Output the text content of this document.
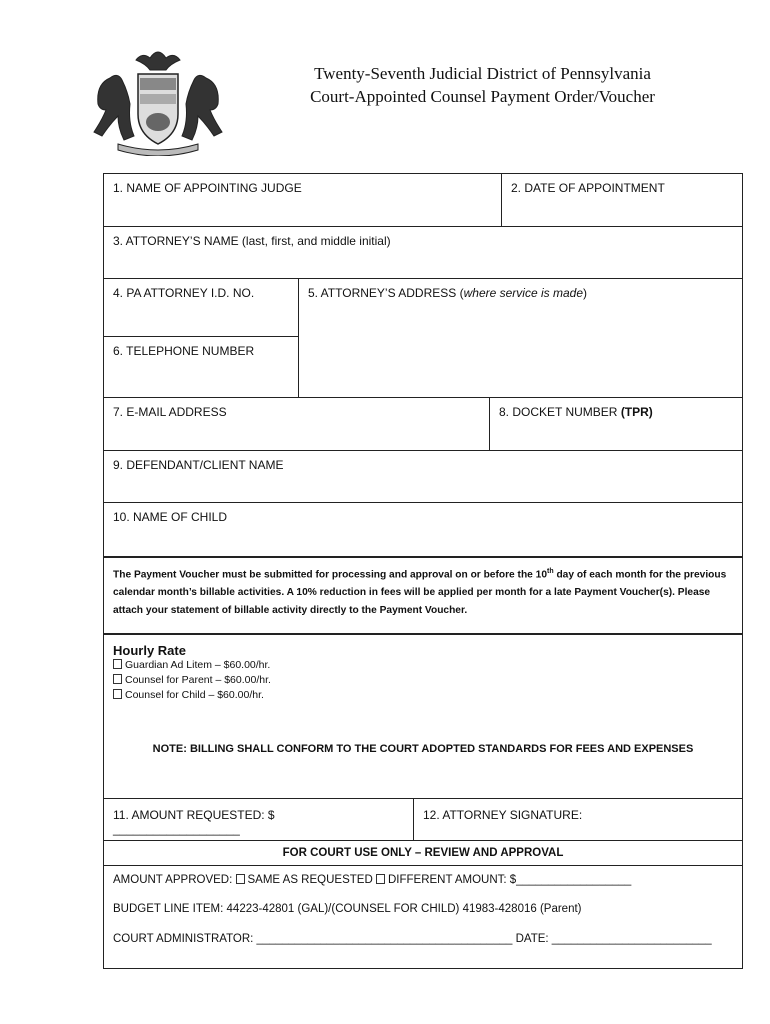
Twenty-Seventh Judicial District of Pennsylvania
Court-Appointed Counsel Payment Order/Voucher
1. NAME OF APPOINTING JUDGE	2. DATE OF APPOINTMENT
3. ATTORNEY’S NAME (last, first, and middle initial)
4. PA ATTORNEY I.D. NO.
6. TELEPHONE NUMBER
5. ATTORNEY’S ADDRESS (where service is made)
7. E-MAIL ADDRESS	8. DOCKET NUMBER (TPR)
9. DEFENDANT/CLIENT NAME
10. NAME OF CHILD
The Payment Voucher must be submitted for processing and approval on or before the 10th day of each month for the previous calendar month’s billable activities. A 10% reduction in fees will be applied per month for a late Payment Voucher(s). Please attach your statement of billable activity directly to the Payment Voucher.
Hourly Rate
Guardian Ad Litem – $60.00/hr.
Counsel for Parent – $60.00/hr.
Counsel for Child – $60.00/hr.
NOTE: BILLING SHALL CONFORM TO THE COURT ADOPTED STANDARDS FOR FEES AND EXPENSES
11. AMOUNT REQUESTED: $ ___________________
12. ATTORNEY SIGNATURE:
FOR COURT USE ONLY – REVIEW AND APPROVAL
AMOUNT APPROVED: SAME AS REQUESTED DIFFERENT AMOUNT: $__________________
BUDGET LINE ITEM: 44223-42801 (GAL)/(COUNSEL FOR CHILD) 41983-428016 (Parent)
COURT ADMINISTRATOR: ________________________________________ DATE: _________________________
